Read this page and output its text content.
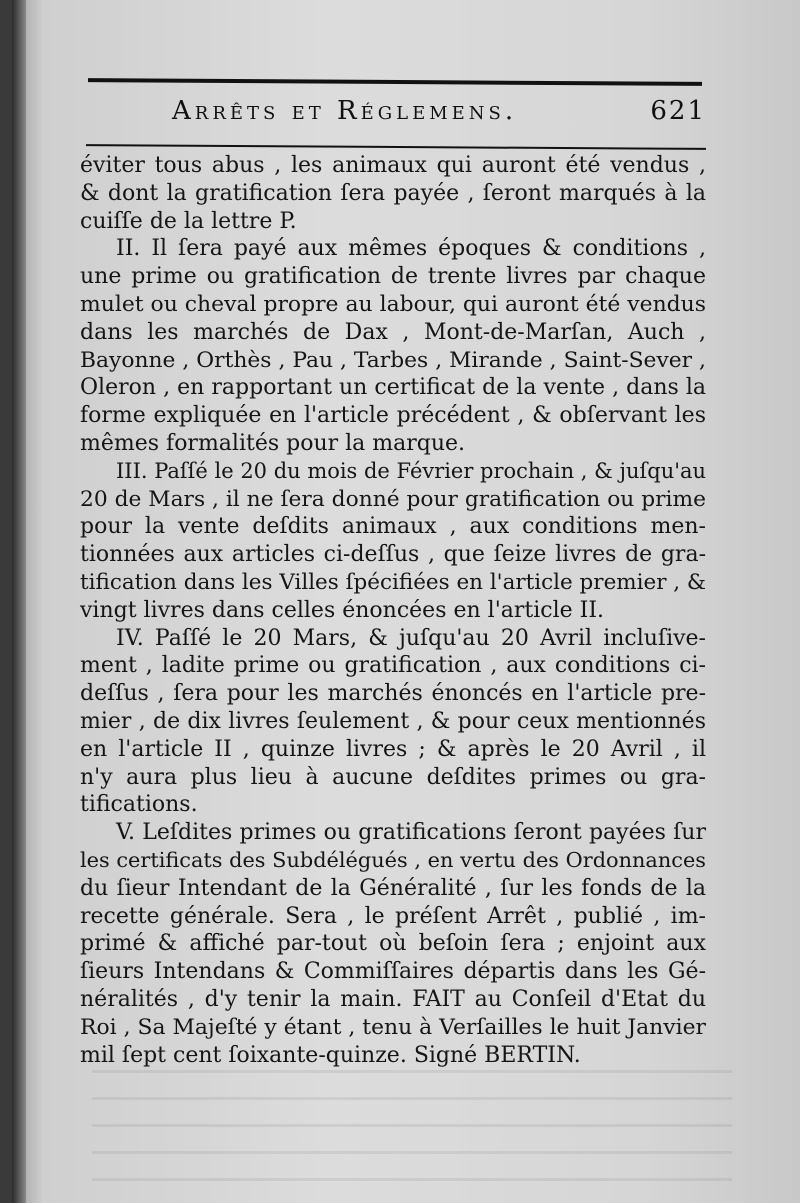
Arrêts et Réglemens.	621

éviter tous abus , les animaux qui auront été vendus ,
& dont la gratification ſera payée , ſeront marqués à la
cuiſſe de la lettre P.

II. Il ſera payé aux mêmes époques & conditions ,
une prime ou gratification de trente livres par chaque
mulet ou cheval propre au labour, qui auront été vendus
dans les marchés de Dax , Mont-de-Marſan, Auch ,
Bayonne , Orthès , Pau , Tarbes , Mirande , Saint-Sever ,
Oleron , en rapportant un certificat de la vente , dans la
forme expliquée en l'article précédent , & obſervant les
mêmes formalités pour la marque.

III. Paſſé le 20 du mois de Février prochain , & juſqu'au
20 de Mars , il ne ſera donné pour gratification ou prime
pour la vente deſdits animaux , aux conditions men-
tionnées aux articles ci-deſſus , que ſeize livres de gra-
tification dans les Villes ſpécifiées en l'article premier , &
vingt livres dans celles énoncées en l'article II.

IV. Paſſé le 20 Mars, & juſqu'au 20 Avril incluſive-
ment , ladite prime ou gratification , aux conditions ci-
deſſus , ſera pour les marchés énoncés en l'article pre-
mier , de dix livres ſeulement , & pour ceux mentionnés
en l'article II , quinze livres ; & après le 20 Avril , il
n'y aura plus lieu à aucune deſdites primes ou gra-
tifications.

V. Leſdites primes ou gratifications ſeront payées ſur
les certificats des Subdélégués , en vertu des Ordonnances
du ſieur Intendant de la Généralité , ſur les fonds de la
recette générale. Sera , le préſent Arrêt , publié , im-
primé & affiché par-tout où beſoin ſera ; enjoint aux
ſieurs Intendans & Commiſſaires départis dans les Gé-
néralités , d'y tenir la main. FAIT au Conſeil d'Etat du
Roi , Sa Majeſté y étant , tenu à Verſailles le huit Janvier
mil ſept cent ſoixante-quinze. Signé BERTIN.
